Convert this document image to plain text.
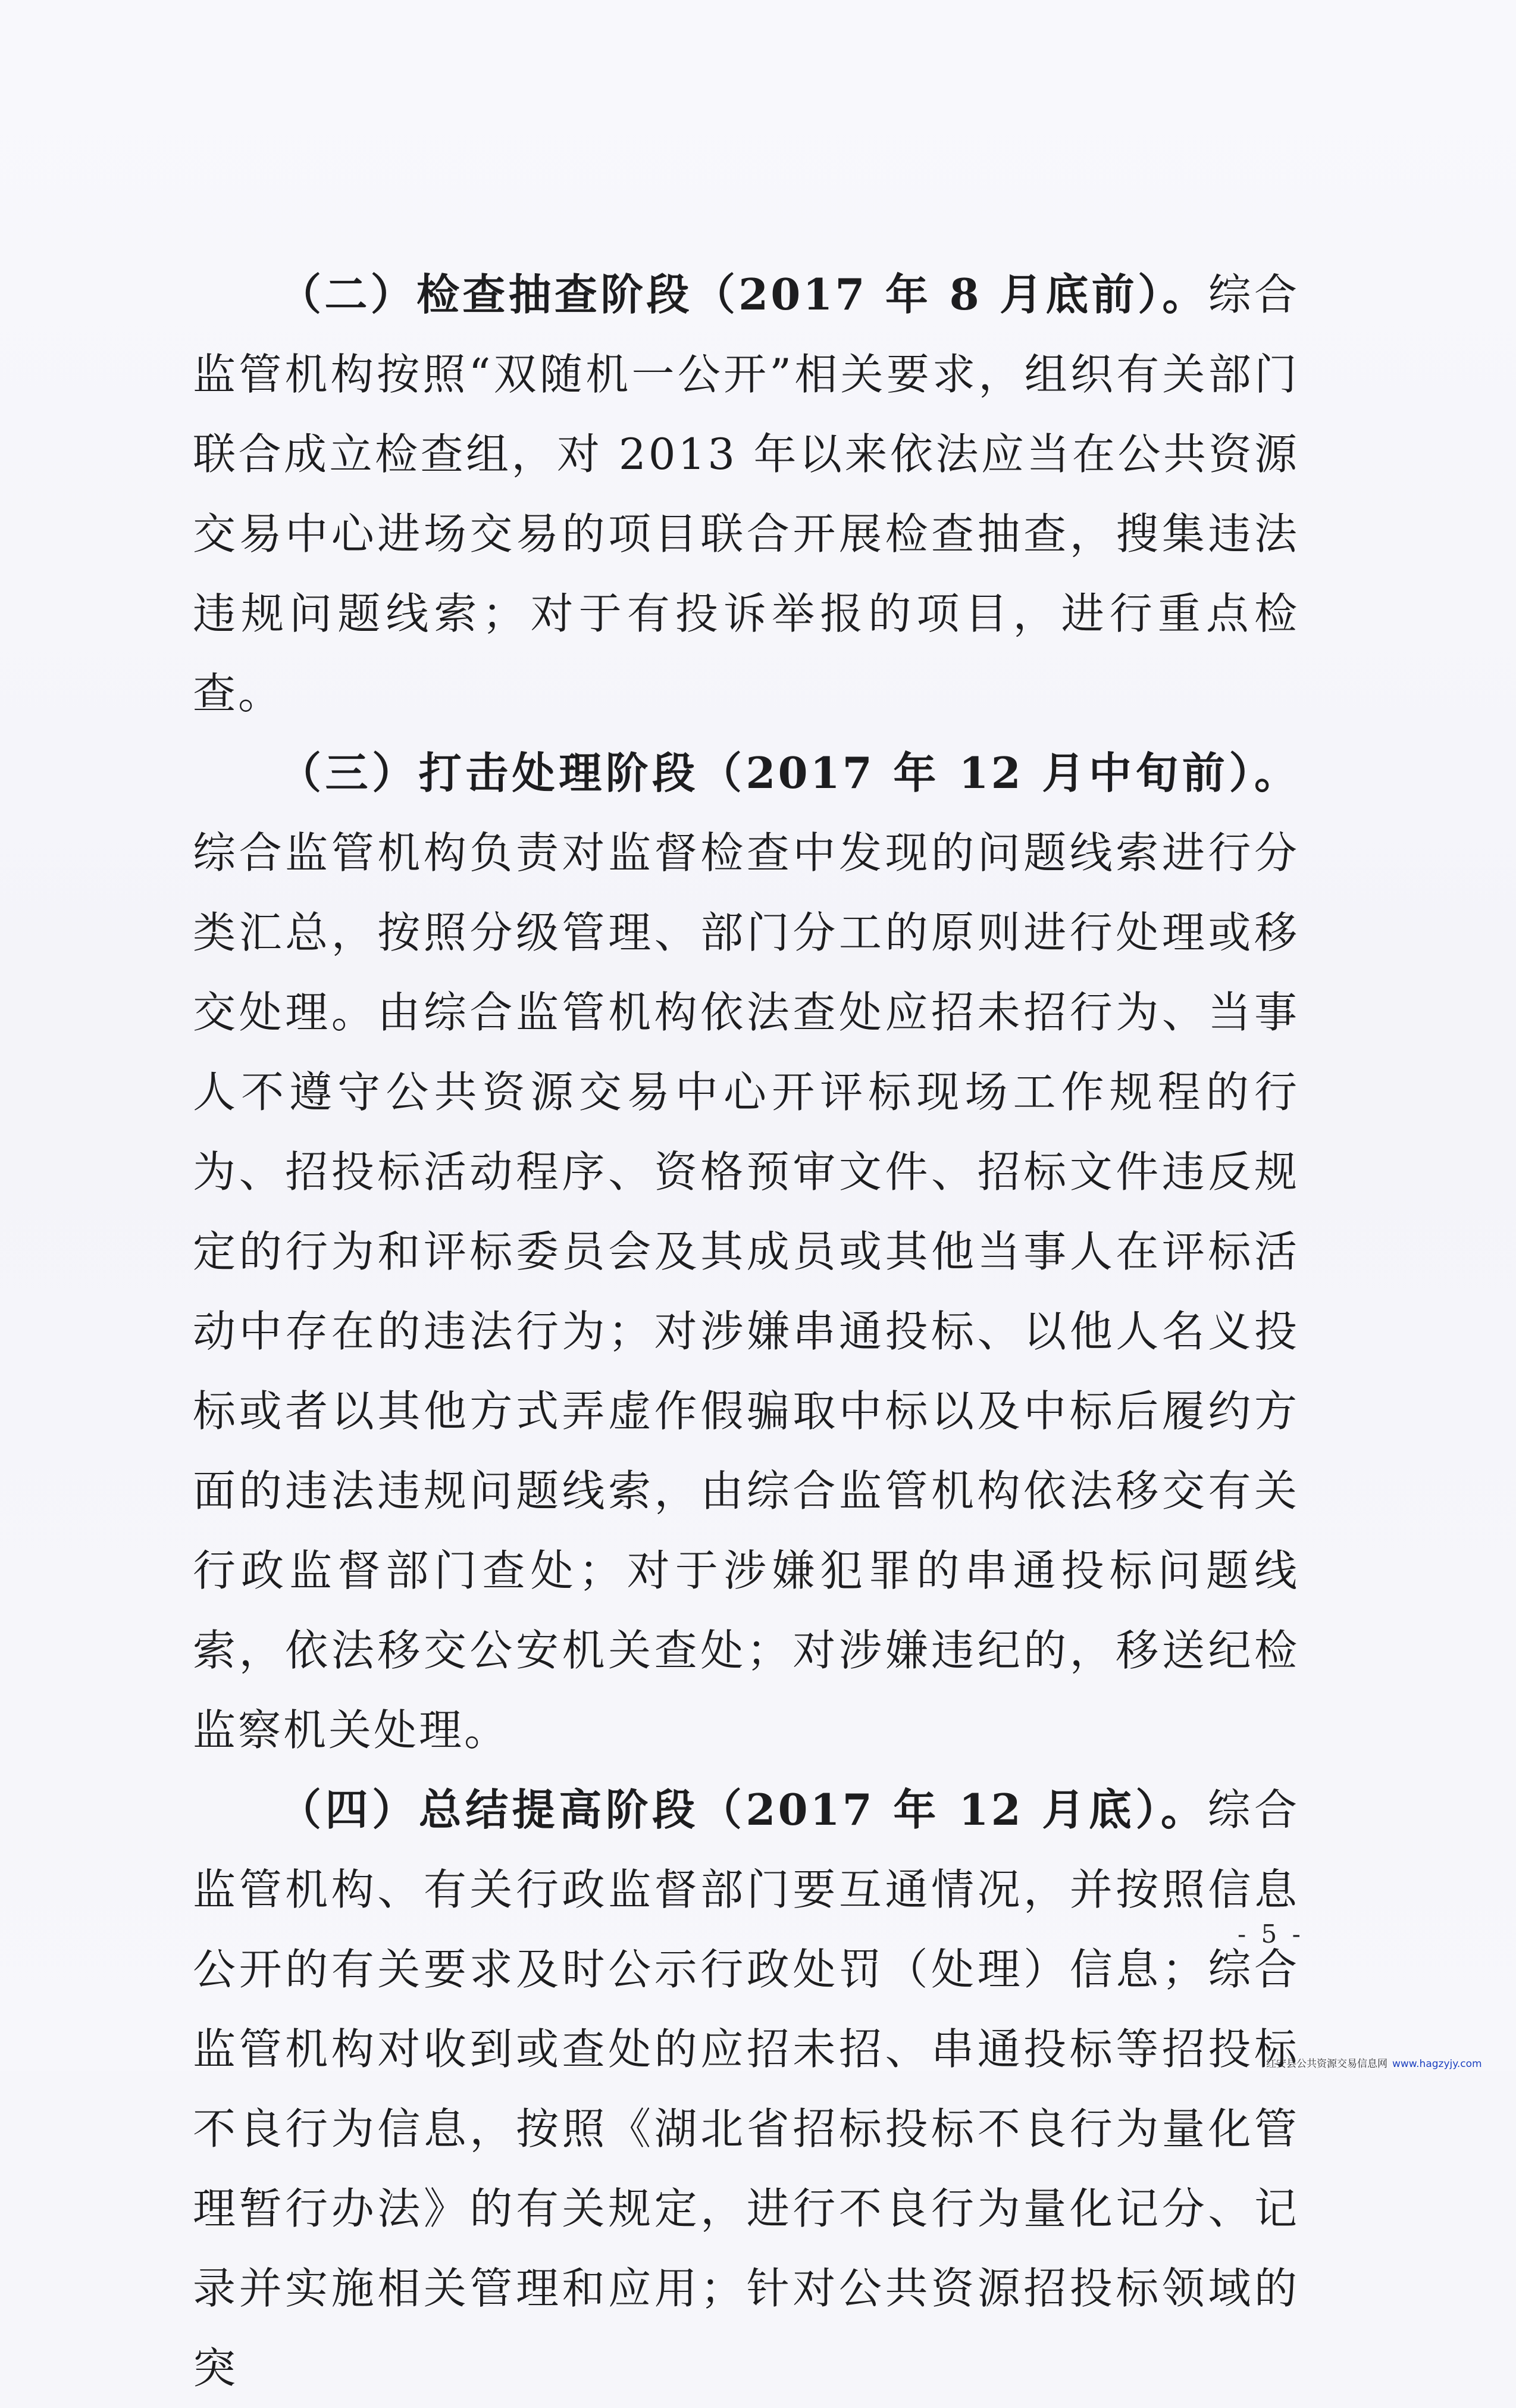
（二）检查抽查阶段（2017 年 8 月底前）。综合监管机构按照“双随机一公开”相关要求，组织有关部门联合成立检查组，对 2013 年以来依法应当在公共资源交易中心进场交易的项目联合开展检查抽查，搜集违法违规问题线索；对于有投诉举报的项目，进行重点检查。

（三）打击处理阶段（2017 年 12 月中旬前）。综合监管机构负责对监督检查中发现的问题线索进行分类汇总，按照分级管理、部门分工的原则进行处理或移交处理。由综合监管机构依法查处应招未招行为、当事人不遵守公共资源交易中心开评标现场工作规程的行为、招投标活动程序、资格预审文件、招标文件违反规定的行为和评标委员会及其成员或其他当事人在评标活动中存在的违法行为；对涉嫌串通投标、以他人名义投标或者以其他方式弄虚作假骗取中标以及中标后履约方面的违法违规问题线索，由综合监管机构依法移交有关行政监督部门查处；对于涉嫌犯罪的串通投标问题线索，依法移交公安机关查处；对涉嫌违纪的，移送纪检监察机关处理。

（四）总结提高阶段（2017 年 12 月底）。综合监管机构、有关行政监督部门要互通情况，并按照信息公开的有关要求及时公示行政处罚（处理）信息；综合监管机构对收到或查处的应招未招、串通投标等招投标不良行为信息，按照《湖北省招标投标不良行为量化管理暂行办法》的有关规定，进行不良行为量化记分、记录并实施相关管理和应用；针对公共资源招投标领域的突

- 5 -
红安县公共资源交易信息网 www.hagzyjy.com
